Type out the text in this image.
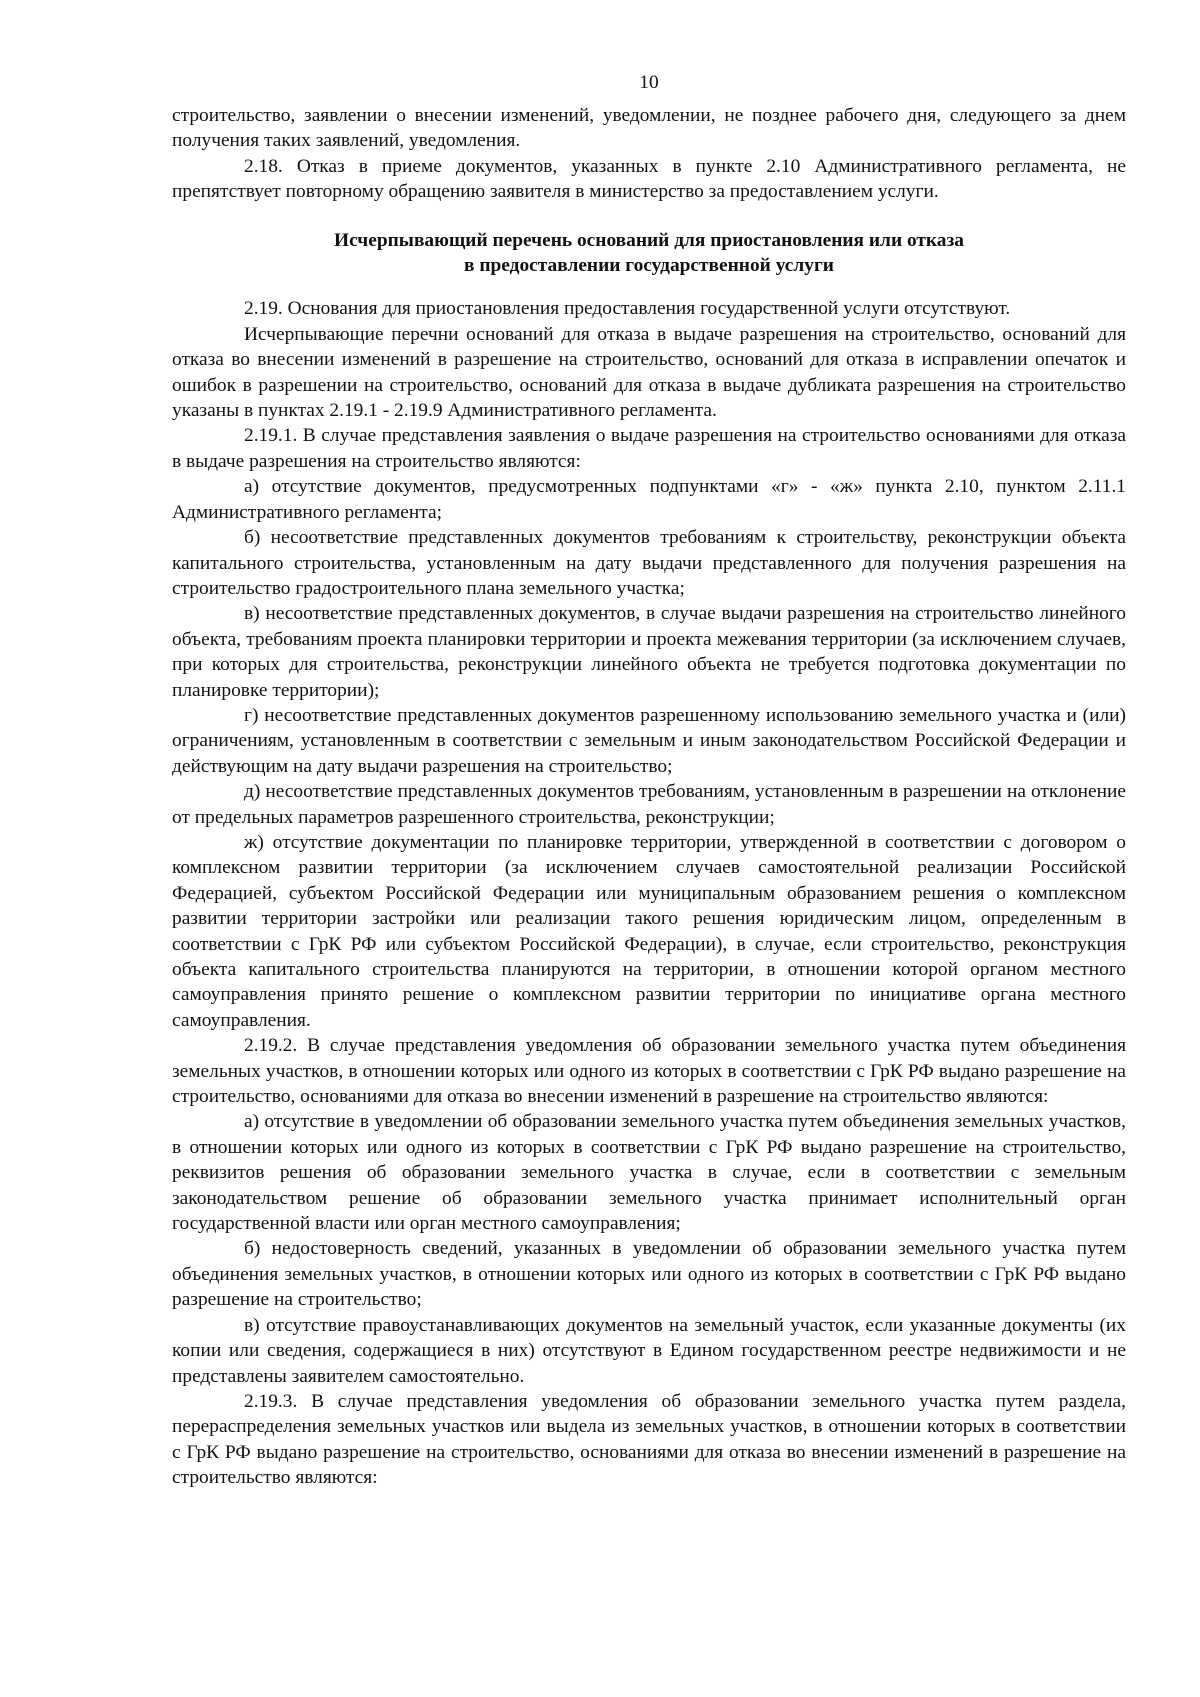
10

строительство, заявлении о внесении изменений, уведомлении, не позднее рабочего дня, следующего за днем получения таких заявлений, уведомления.

2.18. Отказ в приеме документов, указанных в пункте 2.10 Административного регламента, не препятствует повторному обращению заявителя в министерство за предоставлением услуги.

Исчерпывающий перечень оснований для приостановления или отказа
в предоставлении государственной услуги

2.19. Основания для приостановления предоставления государственной услуги отсутствуют.

Исчерпывающие перечни оснований для отказа в выдаче разрешения на строительство, оснований для отказа во внесении изменений в разрешение на строительство, оснований для отказа в исправлении опечаток и ошибок в разрешении на строительство, оснований для отказа в выдаче дубликата разрешения на строительство указаны в пунктах 2.19.1 - 2.19.9 Административного регламента.

2.19.1. В случае представления заявления о выдаче разрешения на строительство основаниями для отказа в выдаче разрешения на строительство являются:

а) отсутствие документов, предусмотренных подпунктами «г» - «ж» пункта 2.10, пунктом 2.11.1 Административного регламента;

б) несоответствие представленных документов требованиям к строительству, реконструкции объекта капитального строительства, установленным на дату выдачи представленного для получения разрешения на строительство градостроительного плана земельного участка;

в) несоответствие представленных документов, в случае выдачи разрешения на строительство линейного объекта, требованиям проекта планировки территории и проекта межевания территории (за исключением случаев, при которых для строительства, реконструкции линейного объекта не требуется подготовка документации по планировке территории);

г) несоответствие представленных документов разрешенному использованию земельного участка и (или) ограничениям, установленным в соответствии с земельным и иным законодательством Российской Федерации и действующим на дату выдачи разрешения на строительство;

д) несоответствие представленных документов требованиям, установленным в разрешении на отклонение от предельных параметров разрешенного строительства, реконструкции;

ж) отсутствие документации по планировке территории, утвержденной в соответствии с договором о комплексном развитии территории (за исключением случаев самостоятельной реализации Российской Федерацией, субъектом Российской Федерации или муниципальным образованием решения о комплексном развитии территории застройки или реализации такого решения юридическим лицом, определенным в соответствии с ГрК РФ или субъектом Российской Федерации), в случае, если строительство, реконструкция объекта капитального строительства планируются на территории, в отношении которой органом местного самоуправления принято решение о комплексном развитии территории по инициативе органа местного самоуправления.

2.19.2. В случае представления уведомления об образовании земельного участка путем объединения земельных участков, в отношении которых или одного из которых в соответствии с ГрК РФ выдано разрешение на строительство, основаниями для отказа во внесении изменений в разрешение на строительство являются:

а) отсутствие в уведомлении об образовании земельного участка путем объединения земельных участков, в отношении которых или одного из которых в соответствии с ГрК РФ выдано разрешение на строительство, реквизитов решения об образовании земельного участка в случае, если в соответствии с земельным законодательством решение об образовании земельного участка принимает исполнительный орган государственной власти или орган местного самоуправления;

б) недостоверность сведений, указанных в уведомлении об образовании земельного участка путем объединения земельных участков, в отношении которых или одного из которых в соответствии с ГрК РФ выдано разрешение на строительство;

в) отсутствие правоустанавливающих документов на земельный участок, если указанные документы (их копии или сведения, содержащиеся в них) отсутствуют в Едином государственном реестре недвижимости и не представлены заявителем самостоятельно.

2.19.3. В случае представления уведомления об образовании земельного участка путем раздела, перераспределения земельных участков или выдела из земельных участков, в отношении которых в соответствии с ГрК РФ выдано разрешение на строительство, основаниями для отказа во внесении изменений в разрешение на строительство являются:
